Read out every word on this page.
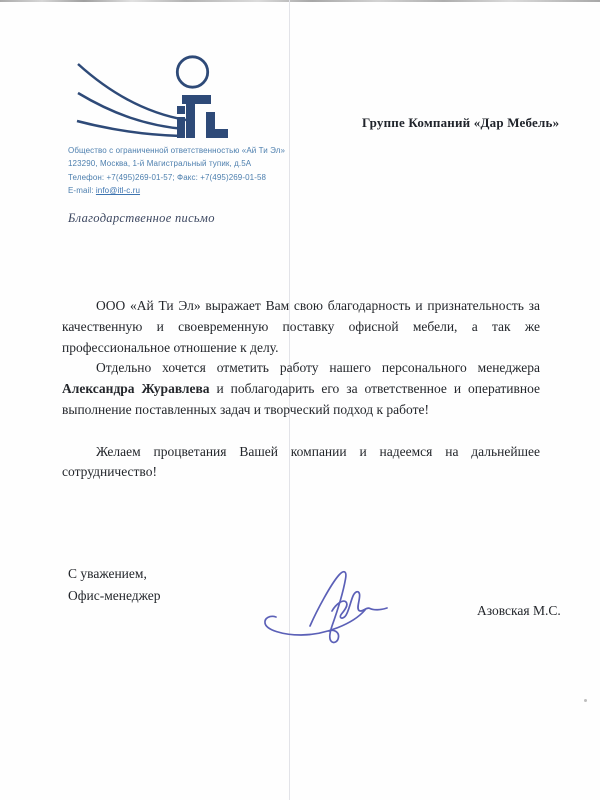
Общество с ограниченной ответственностью «Ай Ти Эл»
123290, Москва, 1-й Магистральный тупик, д.5А
Телефон: +7(495)269-01-57; Факс: +7(495)269-01-58
E-mail: info@itl-c.ru
Группе Компаний «Дар Мебель»
Благодарственное письмо

ООО «Ай Ти Эл» выражает Вам свою благодарность и признательность за качественную и своевременную поставку офисной мебели, а так же профессиональное отношение к делу.

Отдельно хочется отметить работу нашего персонального менеджера Александра Журавлева и поблагодарить его за ответственное и оперативное выполнение поставленных задач и творческий подход к работе!

Желаем процветания Вашей компании и надеемся на дальнейшее сотрудничество!

С уважением,
Офис-менеджер
Азовская М.С.
